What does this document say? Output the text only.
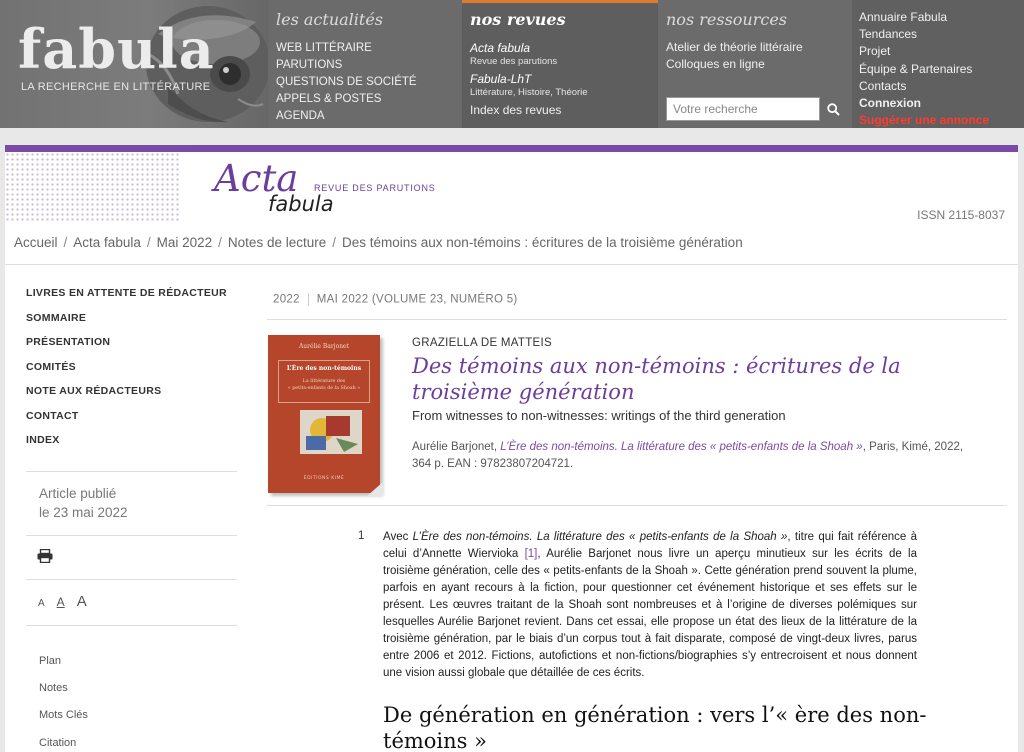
fabula
LA RECHERCHE EN LITTÉRATURE
les actualités
WEB LITTÉRAIRE
PARUTIONS
QUESTIONS DE SOCIÉTÉ
APPELS & POSTES
AGENDA
nos revues
Acta fabula
Revue des parutions
Fabula-LhT
Littérature, Histoire, Théorie
Index des revues
nos ressources
Atelier de théorie littéraire
Colloques en ligne
Votre recherche
Annuaire Fabula
Tendances
Projet
Équipe & Partenaires
Contacts
Connexion
Suggérer une annonce
Acta REVUE DES PARUTIONS
fabula	ISSN 2115-8037
Accueil / Acta fabula / Mai 2022 / Notes de lecture / Des témoins aux non-témoins : écritures de la troisième génération
LIVRES EN ATTENTE DE RÉDACTEUR
SOMMAIRE
PRÉSENTATION
COMITÉS
NOTE AUX RÉDACTEURS
CONTACT
INDEX
Article publié
le 23 mai 2022
A A A
Plan
Notes
Mots Clés
Citation
2022 MAI 2022 (VOLUME 23, NUMÉRO 5)
Aurélie Barjonet
L’Ère des non-témoins
La littérature des
« petits-enfants de la Shoah »
ÉDITIONS KIMÉ
GRAZIELLA DE MATTEIS
Des témoins aux non-témoins : écritures de la troisième génération
From witnesses to non-witnesses: writings of the third generation
Aurélie Barjonet, L’Ère des non-témoins. La littérature des « petits-enfants de la Shoah », Paris, Kimé, 2022, 364 p. EAN : 97823807204721.
1 Avec L’Ère des non-témoins. La littérature des « petits-enfants de la Shoah », titre qui fait référence à celui d’Annette Wiervioka [1], Aurélie Barjonet nous livre un aperçu minutieux sur les écrits de la troisième génération, celle des « petits-enfants de la Shoah ». Cette génération prend souvent la plume, parfois en ayant recours à la fiction, pour questionner cet événement historique et ses effets sur le présent. Les œuvres traitant de la Shoah sont nombreuses et à l’origine de diverses polémiques sur lesquelles Aurélie Barjonet revient. Dans cet essai, elle propose un état des lieux de la littérature de la troisième génération, par le biais d’un corpus tout à fait disparate, composé de vingt-deux livres, parus entre 2006 et 2012. Fictions, autofictions et non-fictions/biographies s’y entrecroisent et nous donnent une vision aussi globale que détaillée de ces écrits.
De génération en génération : vers l’« ère des non-témoins »
